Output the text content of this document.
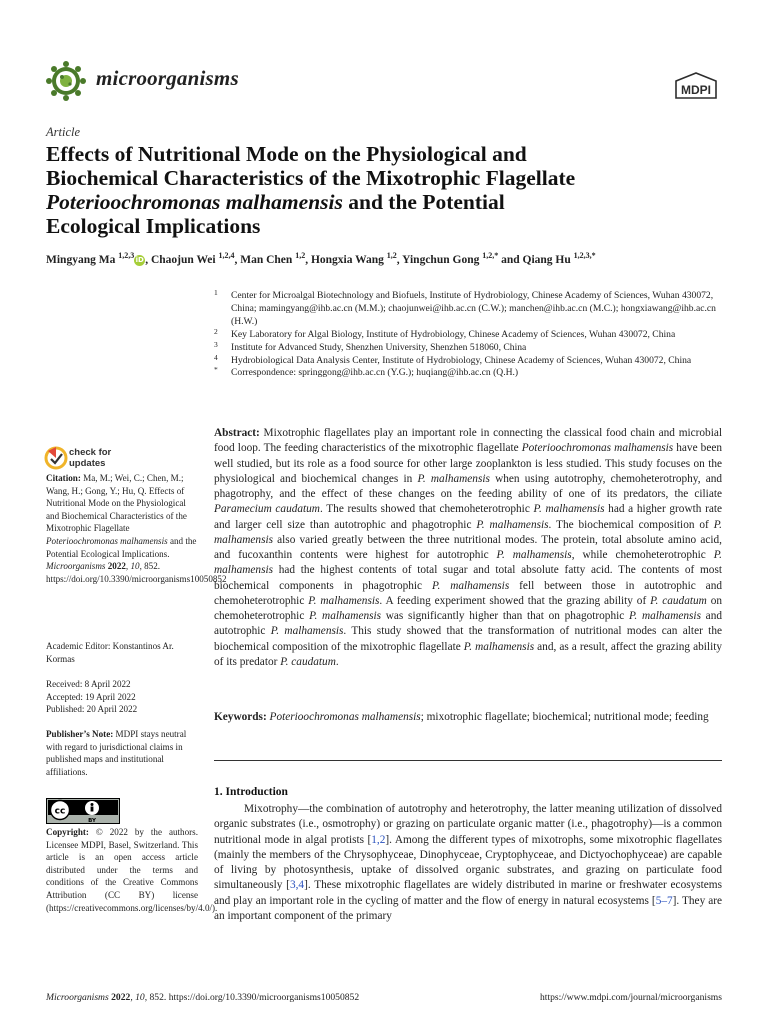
microorganisms	MDPI
Article
Effects of Nutritional Mode on the Physiological and
Biochemical Characteristics of the Mixotrophic Flagellate
Poterioochromonas malhamensis and the Potential
Ecological Implications
Mingyang Ma $^{1,2,3}$iD, Chaojun Wei $^{1,2,4}$, Man Chen $^{1,2}$, Hongxia Wang $^{1,2}$, Yingchun Gong $^{1,2,*}$ and Qiang Hu $^{1,2,3,*}$
1 Center for Microalgal Biotechnology and Biofuels, Institute of Hydrobiology, Chinese Academy of Sciences, Wuhan 430072, China; mamingyang@ihb.ac.cn (M.M.); chaojunwei@ihb.ac.cn (C.W.); manchen@ihb.ac.cn (M.C.); hongxiawang@ihb.ac.cn (H.W.)
2 Key Laboratory for Algal Biology, Institute of Hydrobiology, Chinese Academy of Sciences, Wuhan 430072, China
3 Institute for Advanced Study, Shenzhen University, Shenzhen 518060, China
4 Hydrobiological Data Analysis Center, Institute of Hydrobiology, Chinese Academy of Sciences, Wuhan 430072, China
* Correspondence: springgong@ihb.ac.cn (Y.G.); huqiang@ihb.ac.cn (Q.H.)
check for
updates
Citation: Ma, M.; Wei, C.; Chen, M.; Wang, H.; Gong, Y.; Hu, Q. Effects of Nutritional Mode on the Physiological and Biochemical Characteristics of the Mixotrophic Flagellate Poterioochromonas malhamensis and the Potential Ecological Implications. Microorganisms 2022, 10, 852. https://doi.org/10.3390/microorganisms10050852
Academic Editor: Konstantinos Ar. Kormas
Received: 8 April 2022
Accepted: 19 April 2022
Published: 20 April 2022
Publisher’s Note: MDPI stays neutral with regard to jurisdictional claims in published maps and institutional affiliations.
cc
BY
Copyright: © 2022 by the authors. Licensee MDPI, Basel, Switzerland. This article is an open access article distributed under the terms and conditions of the Creative Commons Attribution (CC BY) license (https://creativecommons.org/licenses/by/4.0/).
Abstract: Mixotrophic flagellates play an important role in connecting the classical food chain and microbial food loop. The feeding characteristics of the mixotrophic flagellate Poterioochromonas malhamensis have been well studied, but its role as a food source for other large zooplankton is less studied. This study focuses on the physiological and biochemical changes in P. malhamensis when using autotrophy, chemoheterotrophy, and phagotrophy, and the effect of these changes on the feeding ability of one of its predators, the ciliate Paramecium caudatum. The results showed that chemoheterotrophic P. malhamensis had a higher growth rate and larger cell size than autotrophic and phagotrophic P. malhamensis. The biochemical composition of P. malhamensis also varied greatly between the three nutritional modes. The protein, total absolute amino acid, and fucoxanthin contents were highest for autotrophic P. malhamensis, while chemoheterotrophic P. malhamensis had the highest contents of total sugar and total absolute fatty acid. The contents of most biochemical components in phagotrophic P. malhamensis fell between those in autotrophic and chemoheterotrophic P. malhamensis. A feeding experiment showed that the grazing ability of P. caudatum on chemoheterotrophic P. malhamensis was significantly higher than that on phagotrophic P. malhamensis and autotrophic P. malhamensis. This study showed that the transformation of nutritional modes can alter the biochemical composition of the mixotrophic flagellate P. malhamensis and, as a result, affect the grazing ability of its predator P. caudatum.
Keywords: Poterioochromonas malhamensis; mixotrophic flagellate; biochemical; nutritional mode; feeding
1. Introduction
Mixotrophy—the combination of autotrophy and heterotrophy, the latter meaning utilization of dissolved organic substrates (i.e., osmotrophy) or grazing on particulate organic matter (i.e., phagotrophy)—is a common nutritional mode in algal protists [1,2]. Among the different types of mixotrophs, some mixotrophic flagellates (mainly the members of the Chrysophyceae, Dinophyceae, Cryptophyceae, and Dictyochophyceae) are capable of living by photosynthesis, uptake of dissolved organic substrates, and grazing on particulate food simultaneously [3,4]. These mixotrophic flagellates are widely distributed in marine or freshwater ecosystems and play an important role in the cycling of matter and the flow of energy in natural ecosystems [5–7]. They are an important component of the primary
Microorganisms 2022, 10, 852. https://doi.org/10.3390/microorganisms10050852	https://www.mdpi.com/journal/microorganisms
